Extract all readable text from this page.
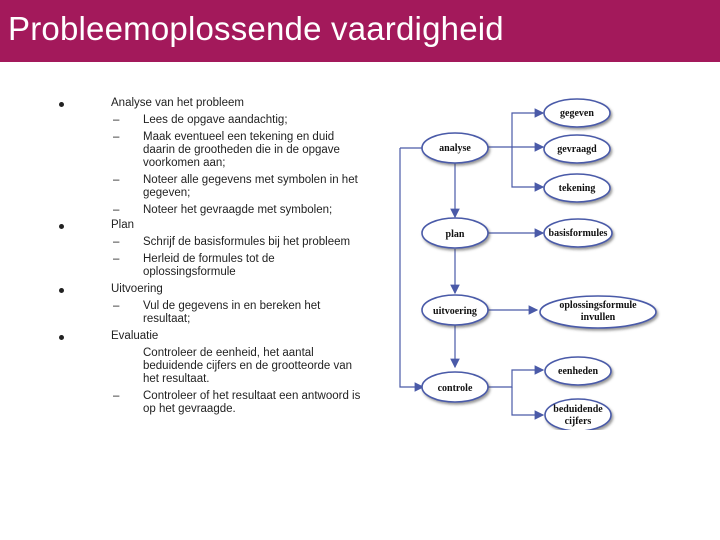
Probleemoplossende vaardigheid
Analyse van het probleem
– Lees de opgave aandachtig;
– Maak eventueel een tekening en duid daarin de grootheden die in de opgave voorkomen aan;
– Noteer alle gegevens met symbolen in het gegeven;
– Noteer het gevraagde met symbolen;
Plan
– Schrijf de basisformules bij het probleem
– Herleid de formules tot de oplossingsformule
Uitvoering
– Vul de gegevens in en bereken het resultaat;
Evaluatie
Controleer de eenheid, het aantal beduidende cijfers en de grootteorde van het resultaat.
– Controleer of het resultaat een antwoord is op het gevraagde.
analyse
plan
uitvoering
controle
gegeven
gevraagd
tekening
basisformules
oplossingsformule
invullen
eenheden
beduidende
cijfers
